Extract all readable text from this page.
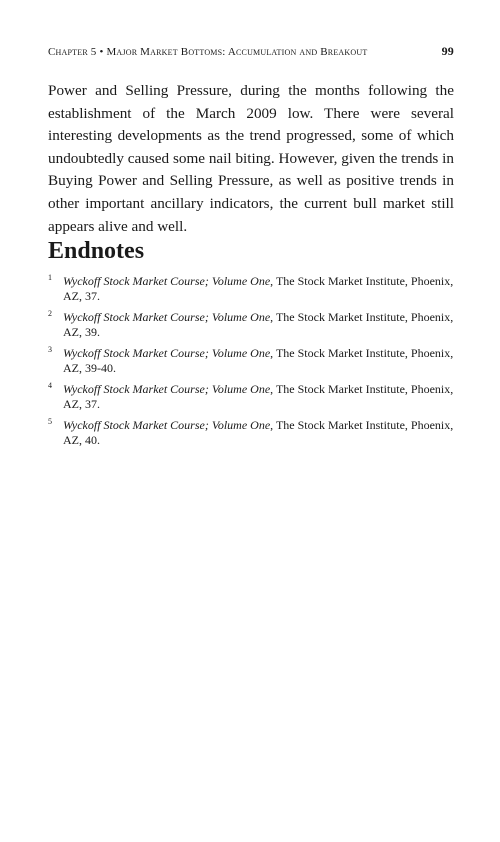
Chapter 5 • Major Market Bottoms: Accumulation and Breakout	99

Power and Selling Pressure, during the months following the establishment of the March 2009 low. There were several interesting developments as the trend progressed, some of which undoubtedly caused some nail biting. However, given the trends in Buying Power and Selling Pressure, as well as positive trends in other important ancillary indicators, the current bull market still appears alive and well.

Endnotes
1 Wyckoff Stock Market Course; Volume One, The Stock Market Institute, Phoenix, AZ, 37.
2 Wyckoff Stock Market Course; Volume One, The Stock Market Institute, Phoenix, AZ, 39.
3 Wyckoff Stock Market Course; Volume One, The Stock Market Institute, Phoenix, AZ, 39-40.
4 Wyckoff Stock Market Course; Volume One, The Stock Market Institute, Phoenix, AZ, 37.
5 Wyckoff Stock Market Course; Volume One, The Stock Market Institute, Phoenix, AZ, 40.
